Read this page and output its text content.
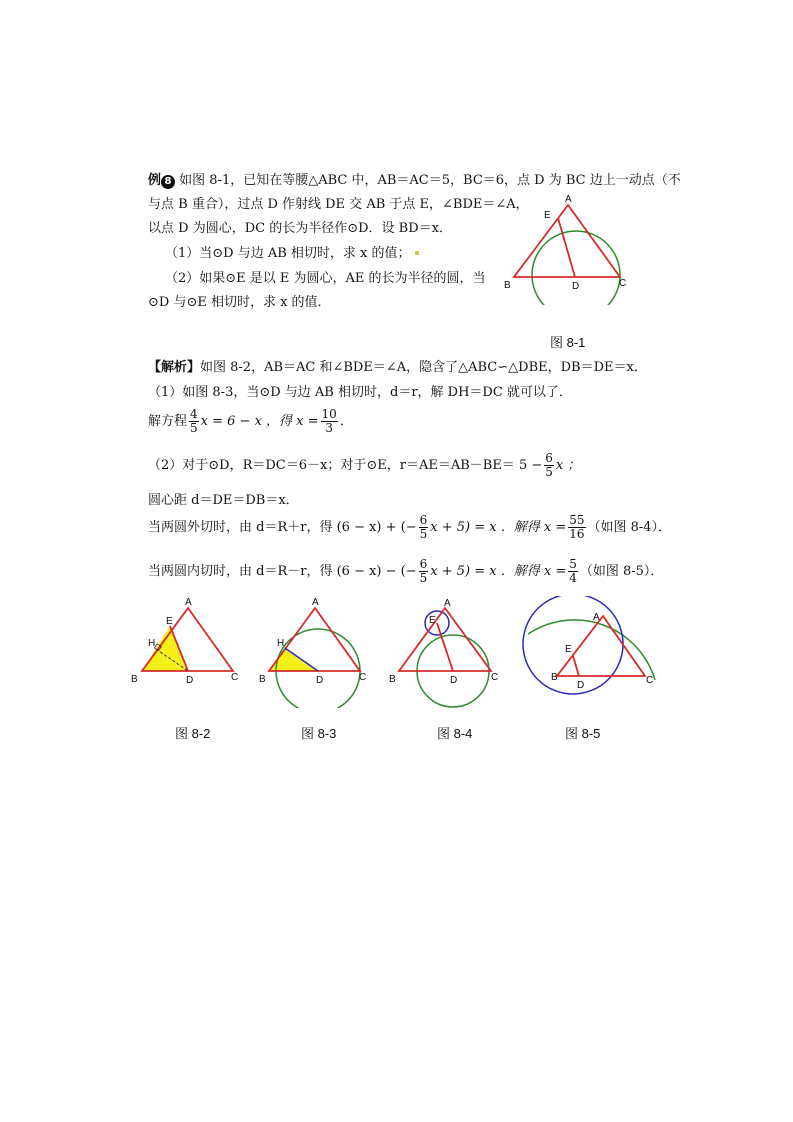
例 8 如图 8-1，已知在等腰△ABC 中，AB＝AC＝5，BC＝6，点 D 为 BC 边上一动点（不
与点 B 重合），过点 D 作射线 DE 交 AB 于点 E，∠BDE＝∠A，
以点 D 为圆心，DC 的长为半径作⊙D．设 BD＝x．
（1）当⊙D 与边 AB 相切时，求 x 的值；
（2）如果⊙E 是以 E 为圆心，AE 的长为半径的圆，当
⊙D 与⊙E 相切时，求 x 的值．
A
E
B	D	C
图 8-1
【解析】如图 8-2，AB＝AC 和∠BDE＝∠A，隐含了△ABC∽△DBE，DB＝DE＝x．
（1）如图 8-3，当⊙D 与边 AB 相切时，d＝r，解 DH＝DC 就可以了．
解方程 $\frac{4}{5}$ x = 6 − x ，得 $x = \frac{10}{3}$ ．
（2）对于⊙D，R＝DC＝6－x；对于⊙E，$r=AE=AB-BE= 5 - \frac{6}{5}$ x ；
圆心距 d＝DE＝DB＝x．
当两圆外切时，由 d＝R＋r，得 (6 − x) + (− $\frac{6}{5}$ x + 5) = x ．解得 $x = \frac{55}{16}$ （如图 8-4）．
当两圆内切时，由 d＝R－r，得 (6 − x) − (− $\frac{6}{5}$ x + 5) = x ．解得 $x = \frac{5}{4}$ （如图 8-5）．
A
E
H
B	D	C
图 8-2
A
H
B	D	C
图 8-3
A
E
B	D	C
图 8-4
A
E
B
D	C
图 8-5
